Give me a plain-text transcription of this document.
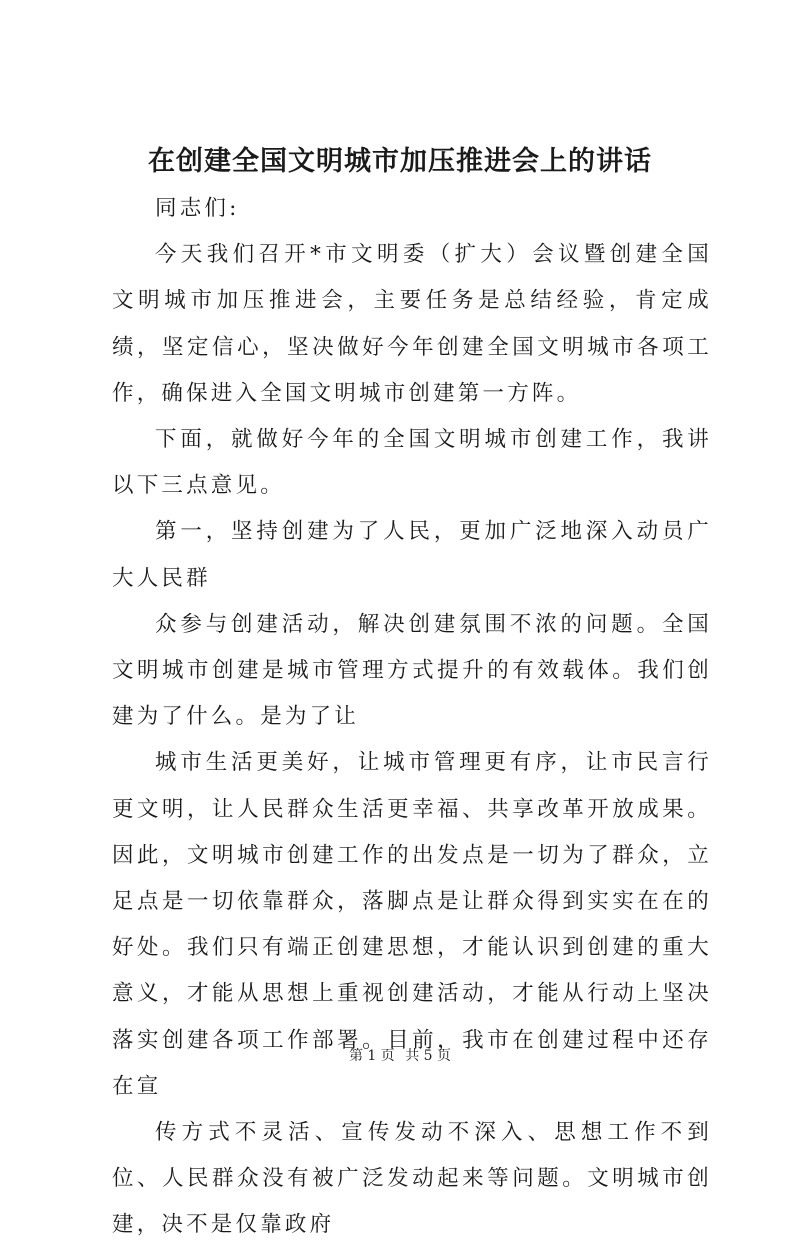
在创建全国文明城市加压推进会上的讲话

同志们:

今天我们召开*市文明委（扩大）会议暨创建全国文明城市加压推进会，主要任务是总结经验，肯定成绩，坚定信心，坚决做好今年创建全国文明城市各项工作，确保进入全国文明城市创建第一方阵。

下面，就做好今年的全国文明城市创建工作，我讲以下三点意见。

第一，坚持创建为了人民，更加广泛地深入动员广大人民群

众参与创建活动，解决创建氛围不浓的问题。全国文明城市创建是城市管理方式提升的有效载体。我们创建为了什么。是为了让

城市生活更美好，让城市管理更有序，让市民言行更文明，让人民群众生活更幸福、共享改革开放成果。因此，文明城市创建工作的出发点是一切为了群众，立足点是一切依靠群众，落脚点是让群众得到实实在在的好处。我们只有端正创建思想，才能认识到创建的重大意义，才能从思想上重视创建活动，才能从行动上坚决落实创建各项工作部署。目前，我市在创建过程中还存在宣

传方式不灵活、宣传发动不深入、思想工作不到位、人民群众没有被广泛发动起来等问题。文明城市创建，决不是仅靠政府

第 1 页 共 5 页
